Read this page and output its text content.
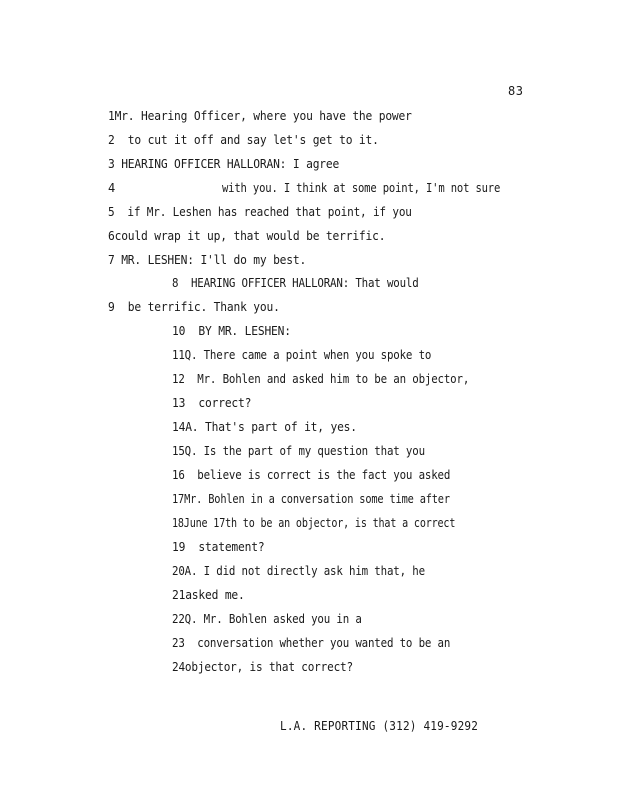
83
1Mr. Hearing Officer, where you have the power
2  to cut it off and say let's get to it.
3 HEARING OFFICER HALLORAN: I agree
4	with you. I think at some point, I'm not sure
5  if Mr. Leshen has reached that point, if you
6could wrap it up, that would be terrific.
7 MR. LESHEN: I'll do my best.
8  HEARING OFFICER HALLORAN: That would
9  be terrific. Thank you.
10  BY MR. LESHEN:
11Q. There came a point when you spoke to
12  Mr. Bohlen and asked him to be an objector,
13  correct?
14A. That's part of it, yes.
15Q. Is the part of my question that you
16  believe is correct is the fact you asked
17Mr. Bohlen in a conversation some time after
18June 17th to be an objector, is that a correct
19  statement?
20A. I did not directly ask him that, he
21asked me.
22Q. Mr. Bohlen asked you in a
23  conversation whether you wanted to be an
24objector, is that correct?
L.A. REPORTING (312) 419-9292
